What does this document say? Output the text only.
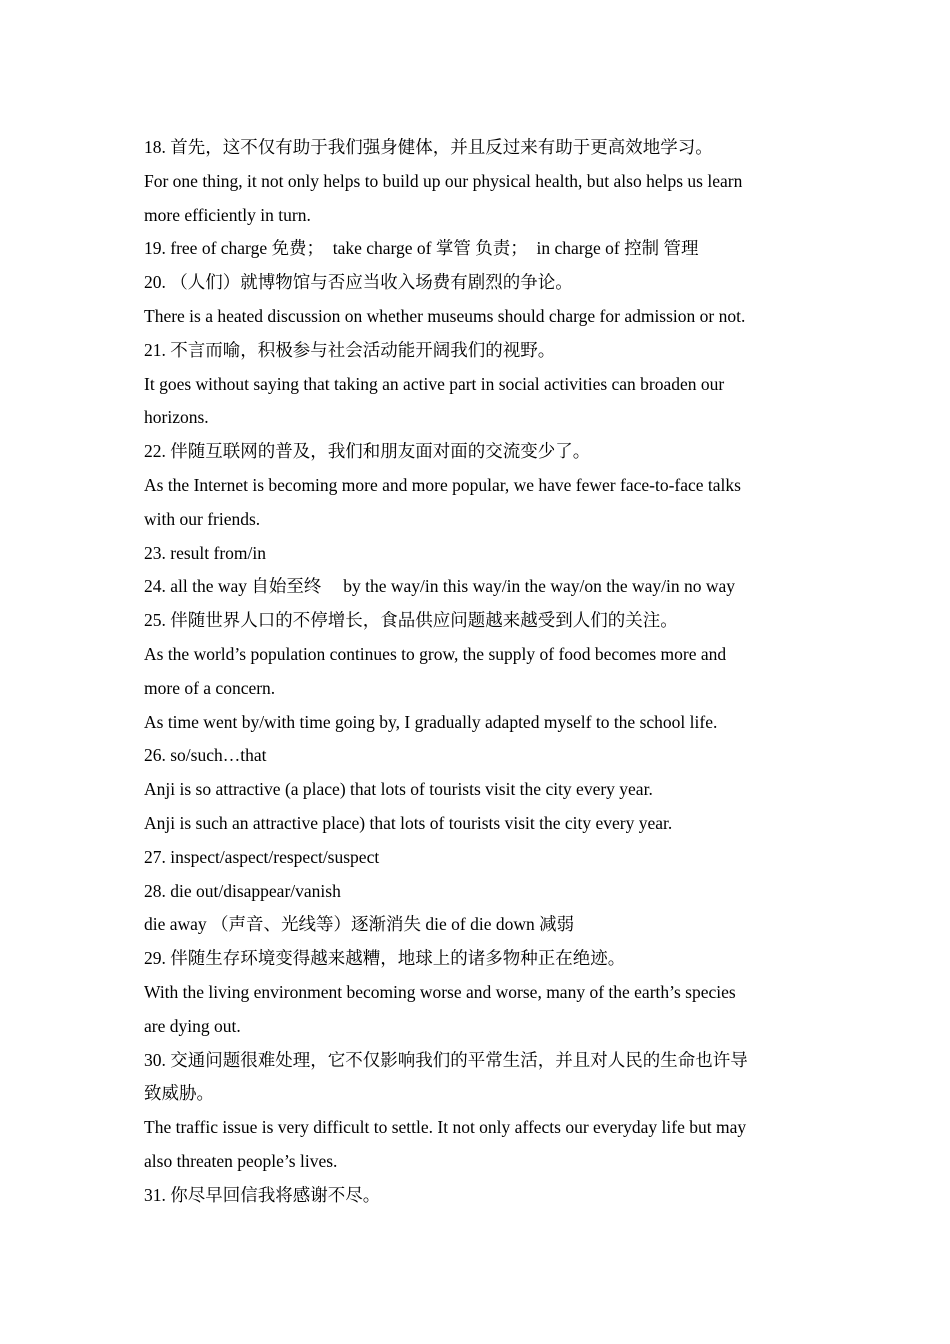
18. 首先，这不仅有助于我们强身健体，并且反过来有助于更高效地学习。
For one thing, it not only helps to build up our physical health, but also helps us learn
more efficiently in turn.
19. free of charge 免费；　take charge of 掌管 负责；　in charge of 控制 管理
20. （人们）就博物馆与否应当收入场费有剧烈的争论。
There is a heated discussion on whether museums should charge for admission or not.
21. 不言而喻，积极参与社会活动能开阔我们的视野。
It goes without saying that taking an active part in social activities can broaden our
horizons.
22. 伴随互联网的普及，我们和朋友面对面的交流变少了。
As the Internet is becoming more and more popular, we have fewer face-to-face talks
with our friends.
23. result from/in
24. all the way 自始至终　 by the way/in this way/in the way/on the way/in no way
25. 伴随世界人口的不停增长，食品供应问题越来越受到人们的关注。
As the world’s population continues to grow, the supply of food becomes more and
more of a concern.
As time went by/with time going by, I gradually adapted myself to the school life.
26. so/such…that
Anji is so attractive (a place) that lots of tourists visit the city every year.
Anji is such an attractive place) that lots of tourists visit the city every year.
27. inspect/aspect/respect/suspect
28. die out/disappear/vanish
die away （声音、光线等）逐渐消失 die of die down 减弱
29. 伴随生存环境变得越来越糟，地球上的诸多物种正在绝迹。
With the living environment becoming worse and worse, many of the earth’s species
are dying out.
30. 交通问题很难处理，它不仅影响我们的平常生活，并且对人民的生命也许导
致威胁。
The traffic issue is very difficult to settle. It not only affects our everyday life but may
also threaten people’s lives.
31. 你尽早回信我将感谢不尽。
